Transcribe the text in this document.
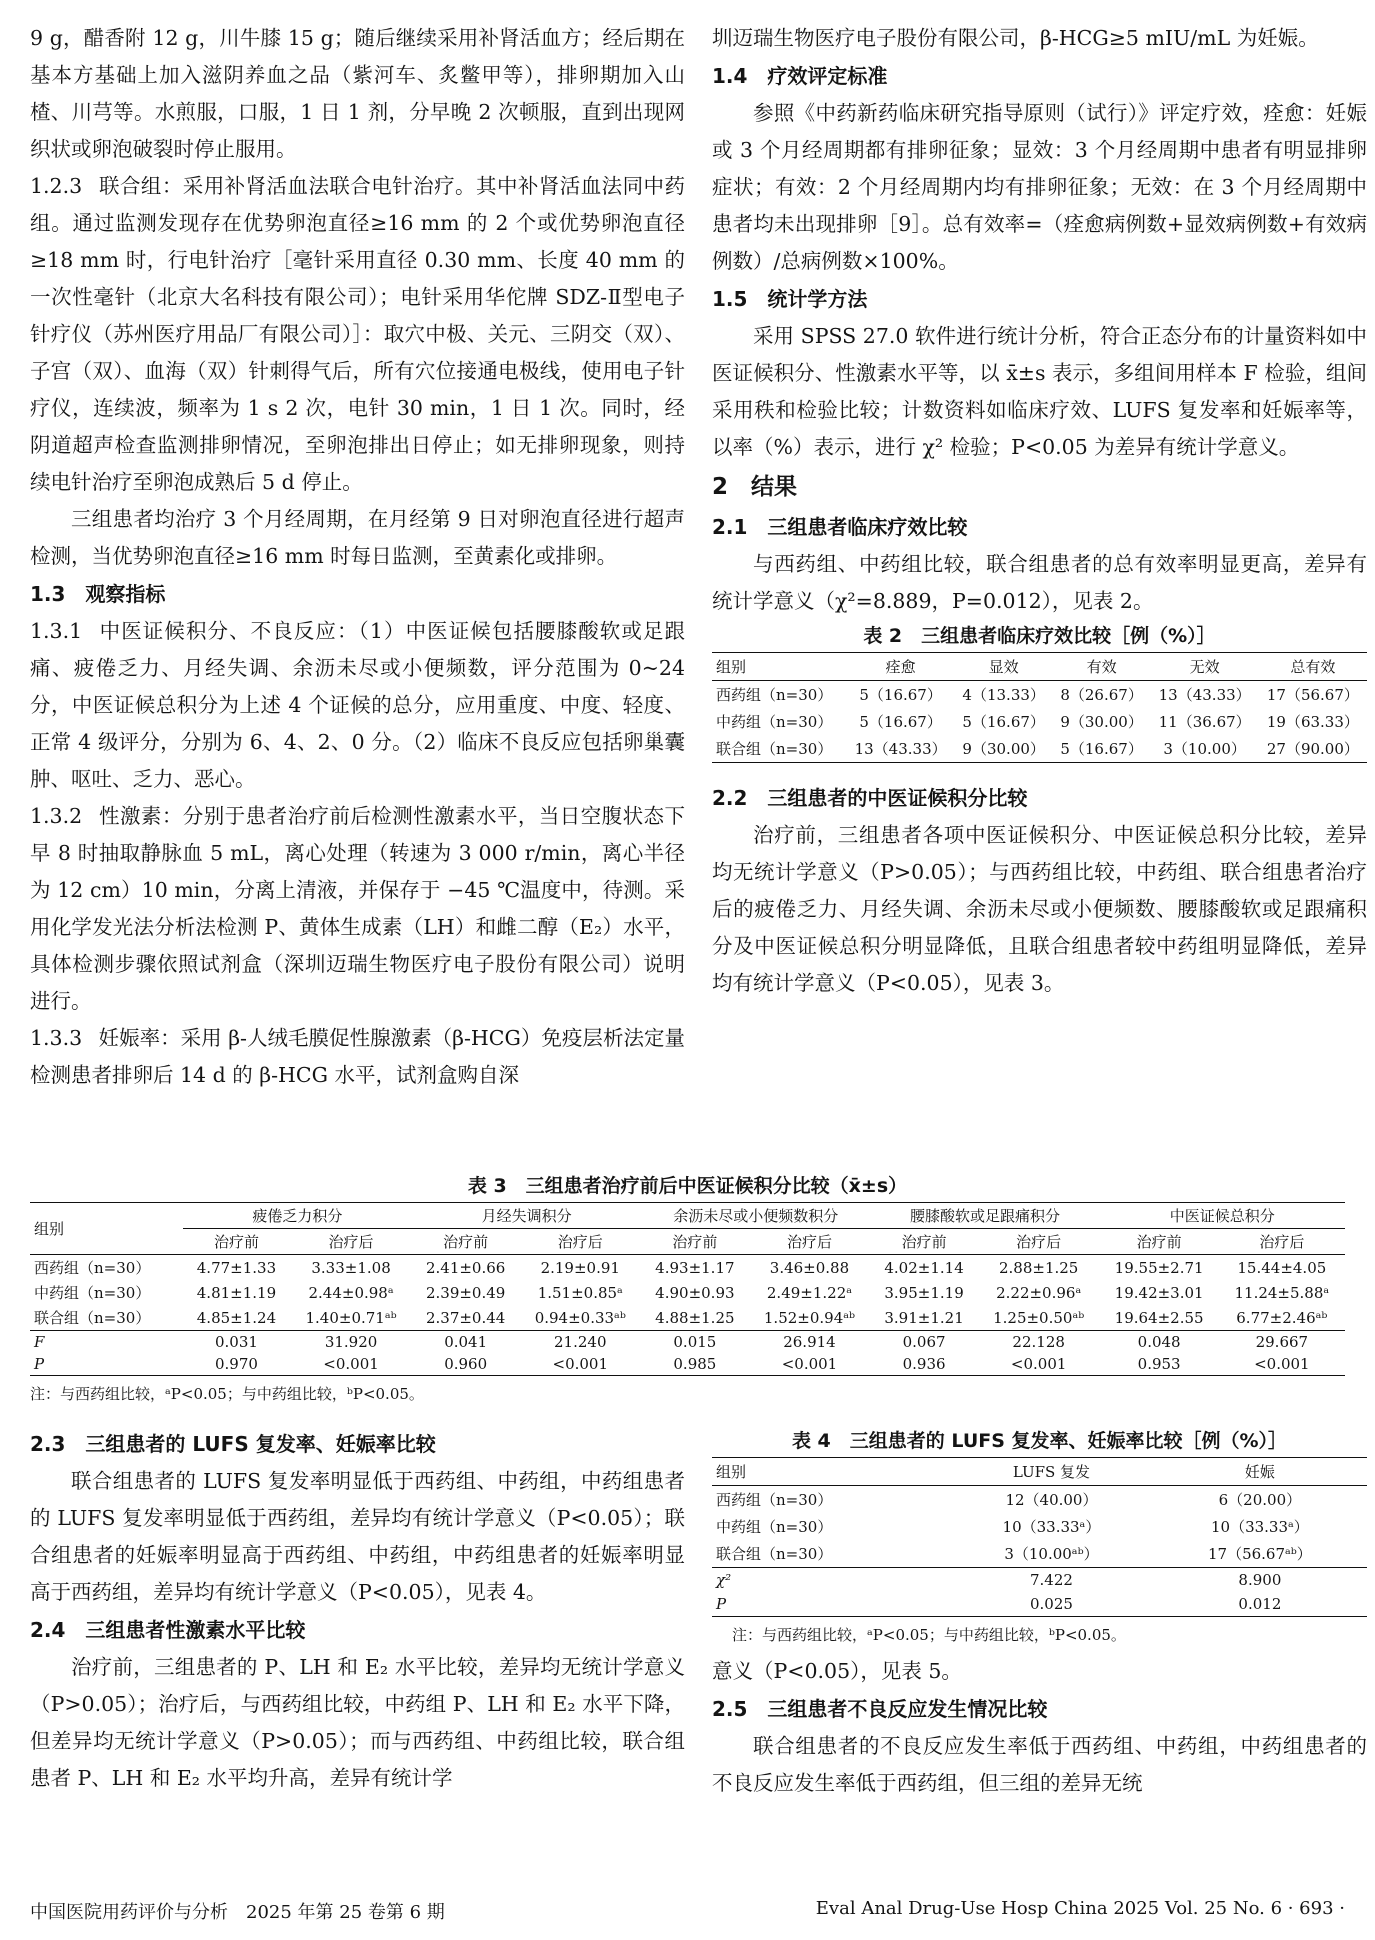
9 g，醋香附 12 g，川牛膝 15 g；随后继续采用补肾活血方；经后期在基本方基础上加入滋阴养血之品（紫河车、炙鳖甲等），排卵期加入山楂、川芎等。水煎服，口服，1 日 1 剂，分早晚 2 次顿服，直到出现网织状或卵泡破裂时停止服用。

1.2.3 联合组：采用补肾活血法联合电针治疗。其中补肾活血法同中药组。通过监测发现存在优势卵泡直径≥16 mm 的 2 个或优势卵泡直径≥18 mm 时，行电针治疗［毫针采用直径 0.30 mm、长度 40 mm 的一次性毫针（北京大名科技有限公司）；电针采用华佗牌 SDZ-Ⅱ型电子针疗仪（苏州医疗用品厂有限公司）］：取穴中极、关元、三阴交（双）、子宫（双）、血海（双）针刺得气后，所有穴位接通电极线，使用电子针疗仪，连续波，频率为 1 s 2 次，电针 30 min，1 日 1 次。同时，经阴道超声检查监测排卵情况，至卵泡排出日停止；如无排卵现象，则持续电针治疗至卵泡成熟后 5 d 停止。

三组患者均治疗 3 个月经周期，在月经第 9 日对卵泡直径进行超声检测，当优势卵泡直径≥16 mm 时每日监测，至黄素化或排卵。

1.3　观察指标

1.3.1 中医证候积分、不良反应：（1）中医证候包括腰膝酸软或足跟痛、疲倦乏力、月经失调、余沥未尽或小便频数，评分范围为 0~24 分，中医证候总积分为上述 4 个证候的总分，应用重度、中度、轻度、正常 4 级评分，分别为 6、4、2、0 分。（2）临床不良反应包括卵巢囊肿、呕吐、乏力、恶心。

1.3.2 性激素：分别于患者治疗前后检测性激素水平，当日空腹状态下早 8 时抽取静脉血 5 mL，离心处理（转速为 3 000 r/min，离心半径为 12 cm）10 min，分离上清液，并保存于 −45 ℃温度中，待测。采用化学发光法分析法检测 P、黄体生成素（LH）和雌二醇（E₂）水平，具体检测步骤依照试剂盒（深圳迈瑞生物医疗电子股份有限公司）说明进行。

1.3.3 妊娠率：采用 β-人绒毛膜促性腺激素（β-HCG）免疫层析法定量检测患者排卵后 14 d 的 β-HCG 水平，试剂盒购自深

圳迈瑞生物医疗电子股份有限公司，β-HCG≥5 mIU/mL 为妊娠。

1.4　疗效评定标准

参照《中药新药临床研究指导原则（试行）》评定疗效，痊愈：妊娠或 3 个月经周期都有排卵征象；显效：3 个月经周期中患者有明显排卵症状；有效：2 个月经周期内均有排卵征象；无效：在 3 个月经周期中患者均未出现排卵［9］。总有效率=（痊愈病例数+显效病例数+有效病例数）/总病例数×100%。

1.5　统计学方法

采用 SPSS 27.0 软件进行统计分析，符合正态分布的计量资料如中医证候积分、性激素水平等，以 x̄±s 表示，多组间用样本 F 检验，组间采用秩和检验比较；计数资料如临床疗效、LUFS 复发率和妊娠率等，以率（%）表示，进行 χ² 检验；P<0.05 为差异有统计学意义。

2　结果
2.1　三组患者临床疗效比较

与西药组、中药组比较，联合组患者的总有效率明显更高，差异有统计学意义（χ²=8.889，P=0.012），见表 2。

表 2　三组患者临床疗效比较［例（%）］
组别	痊愈	显效	有效	无效	总有效
西药组（n=30）	5（16.67）	4（13.33）	8（26.67）	13（43.33）	17（56.67）
中药组（n=30）	5（16.67）	5（16.67）	9（30.00）	11（36.67）	19（63.33）
联合组（n=30）	13（43.33）	9（30.00）	5（16.67）	3（10.00）	27（90.00）
2.2　三组患者的中医证候积分比较

治疗前，三组患者各项中医证候积分、中医证候总积分比较，差异均无统计学意义（P>0.05）；与西药组比较，中药组、联合组患者治疗后的疲倦乏力、月经失调、余沥未尽或小便频数、腰膝酸软或足跟痛积分及中医证候总积分明显降低，且联合组患者较中药组明显降低，差异均有统计学意义（P<0.05），见表 3。

表 3　三组患者治疗前后中医证候积分比较（x̄±s）
组别	疲倦乏力积分		月经失调积分		余沥未尽或小便频数积分		腰膝酸软或足跟痛积分		中医证候总积分	
	治疗前	治疗后	治疗前	治疗后	治疗前	治疗后	治疗前	治疗后	治疗前	治疗后
西药组（n=30）	4.77±1.33	3.33±1.08	2.41±0.66	2.19±0.91	4.93±1.17	3.46±0.88	4.02±1.14	2.88±1.25	19.55±2.71	15.44±4.05
中药组（n=30）	4.81±1.19	2.44±0.98ᵃ	2.39±0.49	1.51±0.85ᵃ	4.90±0.93	2.49±1.22ᵃ	3.95±1.19	2.22±0.96ᵃ	19.42±3.01	11.24±5.88ᵃ
联合组（n=30）	4.85±1.24	1.40±0.71ᵃᵇ	2.37±0.44	0.94±0.33ᵃᵇ	4.88±1.25	1.52±0.94ᵃᵇ	3.91±1.21	1.25±0.50ᵃᵇ	19.64±2.55	6.77±2.46ᵃᵇ
F	0.031	31.920	0.041	21.240	0.015	26.914	0.067	22.128	0.048	29.667
P	0.970	<0.001	0.960	<0.001	0.985	<0.001	0.936	<0.001	0.953	<0.001
注：与西药组比较，ᵃP<0.05；与中药组比较，ᵇP<0.05。
2.3　三组患者的 LUFS 复发率、妊娠率比较

联合组患者的 LUFS 复发率明显低于西药组、中药组，中药组患者的 LUFS 复发率明显低于西药组，差异均有统计学意义（P<0.05）；联合组患者的妊娠率明显高于西药组、中药组，中药组患者的妊娠率明显高于西药组，差异均有统计学意义（P<0.05），见表 4。

2.4　三组患者性激素水平比较

治疗前，三组患者的 P、LH 和 E₂ 水平比较，差异均无统计学意义（P>0.05）；治疗后，与西药组比较，中药组 P、LH 和 E₂ 水平下降，但差异均无统计学意义（P>0.05）；而与西药组、中药组比较，联合组患者 P、LH 和 E₂ 水平均升高，差异有统计学

表 4　三组患者的 LUFS 复发率、妊娠率比较［例（%）］
组别	LUFS 复发	妊娠
西药组（n=30）	12（40.00）	6（20.00）
中药组（n=30）	10（33.33ᵃ）	10（33.33ᵃ）
联合组（n=30）	3（10.00ᵃᵇ）	17（56.67ᵃᵇ）
χ²	7.422	8.900
P	0.025	0.012
注：与西药组比较，ᵃP<0.05；与中药组比较，ᵇP<0.05。

意义（P<0.05），见表 5。

2.5　三组患者不良反应发生情况比较

联合组患者的不良反应发生率低于西药组、中药组，中药组患者的不良反应发生率低于西药组，但三组的差异无统

中国医院用药评价与分析　2025 年第 25 卷第 6 期	Eval Anal Drug-Use Hosp China 2025 Vol. 25 No. 6 · 693 ·
